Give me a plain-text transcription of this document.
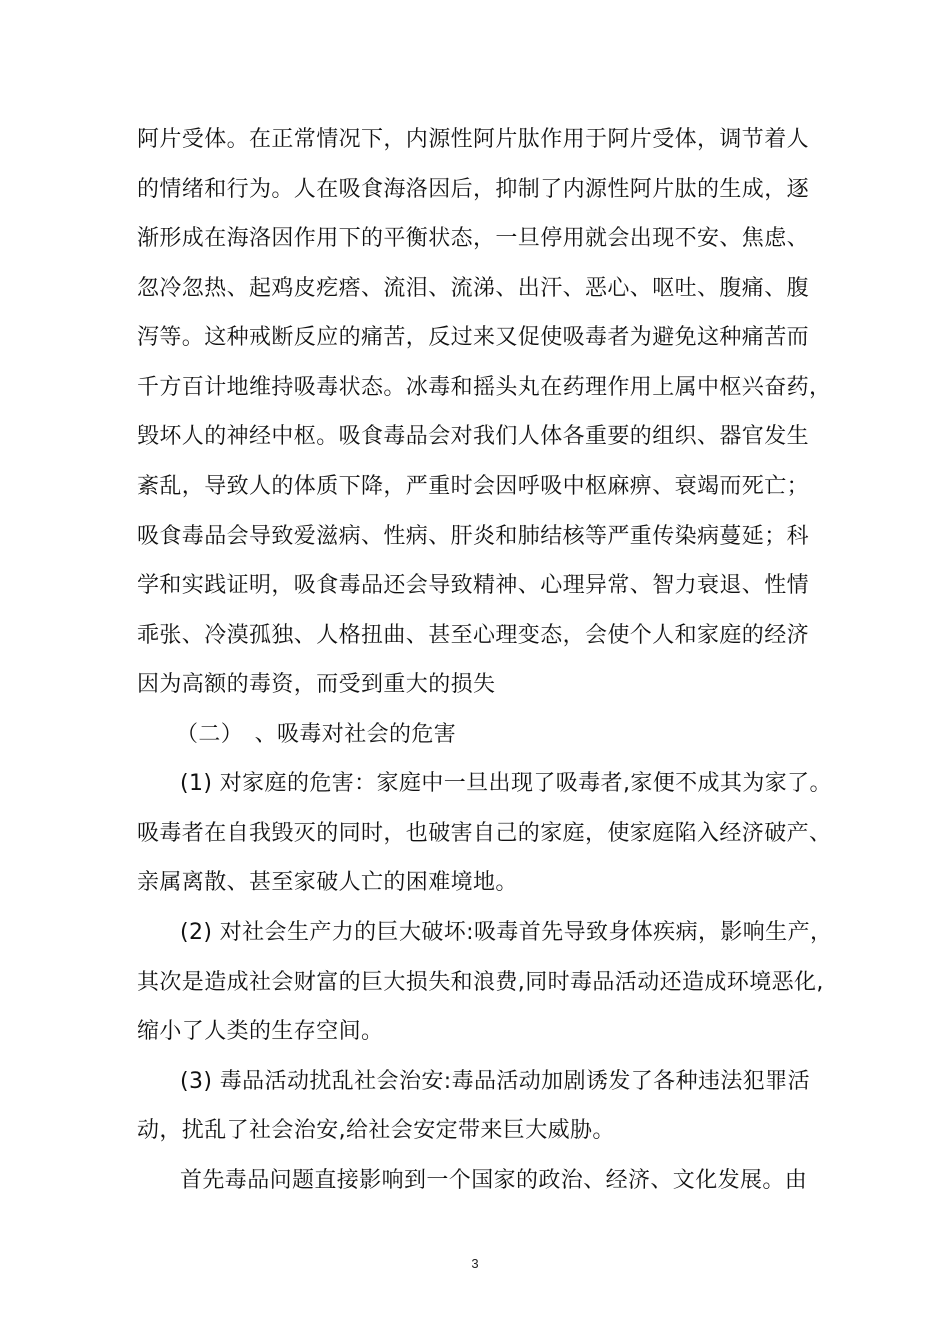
阿片受体。在正常情况下，内源性阿片肽作用于阿片受体，调节着人
的情绪和行为。人在吸食海洛因后，抑制了内源性阿片肽的生成，逐
渐形成在海洛因作用下的平衡状态，一旦停用就会出现不安、焦虑、
忽冷忽热、起鸡皮疙瘩、流泪、流涕、出汗、恶心、呕吐、腹痛、腹
泻等。这种戒断反应的痛苦，反过来又促使吸毒者为避免这种痛苦而
千方百计地维持吸毒状态。冰毒和摇头丸在药理作用上属中枢兴奋药，
毁坏人的神经中枢。吸食毒品会对我们人体各重要的组织、器官发生
紊乱，导致人的体质下降，严重时会因呼吸中枢麻痹、衰竭而死亡；
吸食毒品会导致爱滋病、性病、肝炎和肺结核等严重传染病蔓延；科
学和实践证明，吸食毒品还会导致精神、心理异常、智力衰退、性情
乖张、冷漠孤独、人格扭曲、甚至心理变态，会使个人和家庭的经济
因为高额的毒资，而受到重大的损失
（二）　、吸毒对社会的危害
(1) 对家庭的危害：家庭中一旦出现了吸毒者,家便不成其为家了。
吸毒者在自我毁灭的同时，也破害自己的家庭，使家庭陷入经济破产、
亲属离散、甚至家破人亡的困难境地。
(2) 对社会生产力的巨大破坏:吸毒首先导致身体疾病，影响生产，
其次是造成社会财富的巨大损失和浪费,同时毒品活动还造成环境恶化,
缩小了人类的生存空间。
(3) 毒品活动扰乱社会治安:毒品活动加剧诱发了各种违法犯罪活
动，扰乱了社会治安,给社会安定带来巨大威胁。
首先毒品问题直接影响到一个国家的政治、经济、文化发展。由
3
